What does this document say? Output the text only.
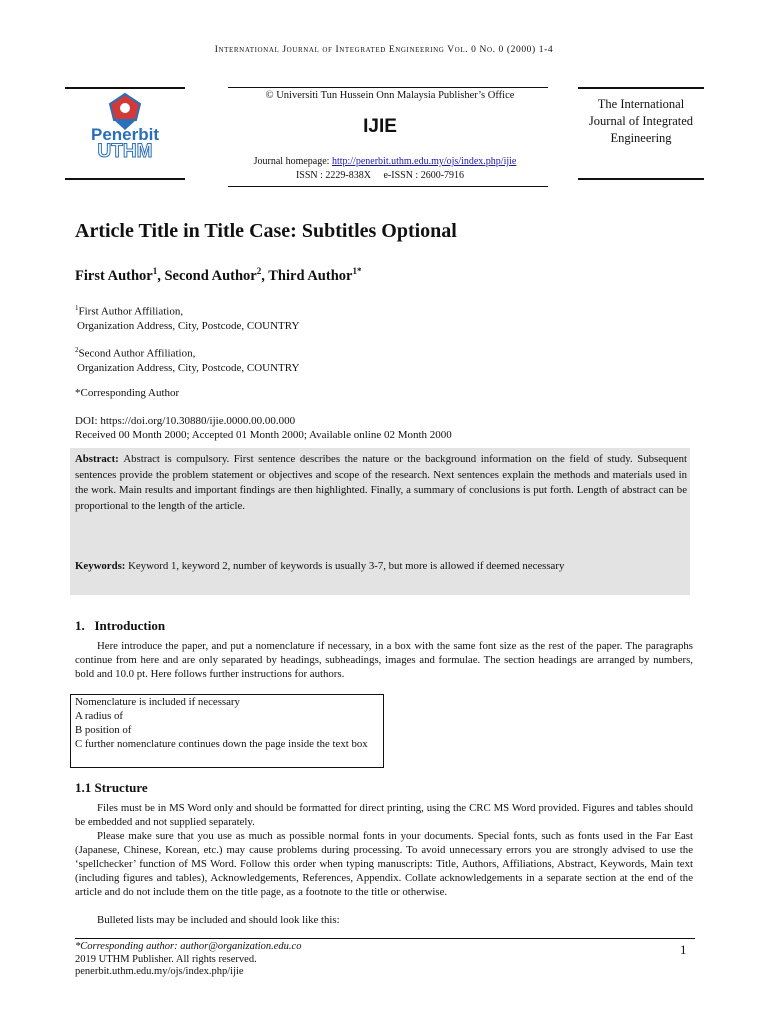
International Journal of Integrated Engineering Vol. 0 No. 0 (2000) 1-4
Penerbit
UTHM
© Universiti Tun Hussein Onn Malaysia Publisher’s Office
IJIE
Journal homepage: http://penerbit.uthm.edu.my/ojs/index.php/ijie
ISSN : 2229-838X     e-ISSN : 2600-7916
The International Journal of Integrated Engineering
Article Title in Title Case: Subtitles Optional
First Author$^1$, Second Author$^2$, Third Author$^{1*}$
$^1$First Author Affiliation,
Organization Address, City, Postcode, COUNTRY
$^2$Second Author Affiliation,
Organization Address, City, Postcode, COUNTRY
*Corresponding Author
DOI: https://doi.org/10.30880/ijie.0000.00.00.000
Received 00 Month 2000; Accepted 01 Month 2000; Available online 02 Month 2000
Abstract: Abstract is compulsory. First sentence describes the nature or the background information on the field of study. Subsequent sentences provide the problem statement or objectives and scope of the research. Next sentences explain the methods and materials used in the work. Main results and important findings are then highlighted. Finally, a summary of conclusions is put forth. Length of abstract can be proportional to the length of the article.
Keywords: Keyword 1, keyword 2, number of keywords is usually 3-7, but more is allowed if deemed necessary
1.   Introduction
Here introduce the paper, and put a nomenclature if necessary, in a box with the same font size as the rest of the paper. The paragraphs continue from here and are only separated by headings, subheadings, images and formulae. The section headings are arranged by numbers, bold and 10.0 pt. Here follows further instructions for authors.
Nomenclature is included if necessary
A radius of
B position of
C further nomenclature continues down the page inside the text box
1.1 Structure
Files must be in MS Word only and should be formatted for direct printing, using the CRC MS Word provided. Figures and tables should be embedded and not supplied separately.
Please make sure that you use as much as possible normal fonts in your documents. Special fonts, such as fonts used in the Far East (Japanese, Chinese, Korean, etc.) may cause problems during processing. To avoid unnecessary errors you are strongly advised to use the ‘spellchecker’ function of MS Word. Follow this order when typing manuscripts: Title, Authors, Affiliations, Abstract, Keywords, Main text (including figures and tables), Acknowledgements, References, Appendix. Collate acknowledgements in a separate section at the end of the article and do not include them on the title page, as a footnote to the title or otherwise.
Bulleted lists may be included and should look like this:
*Corresponding author: author@organization.edu.co
2019 UTHM Publisher. All rights reserved.
penerbit.uthm.edu.my/ojs/index.php/ijie
1
